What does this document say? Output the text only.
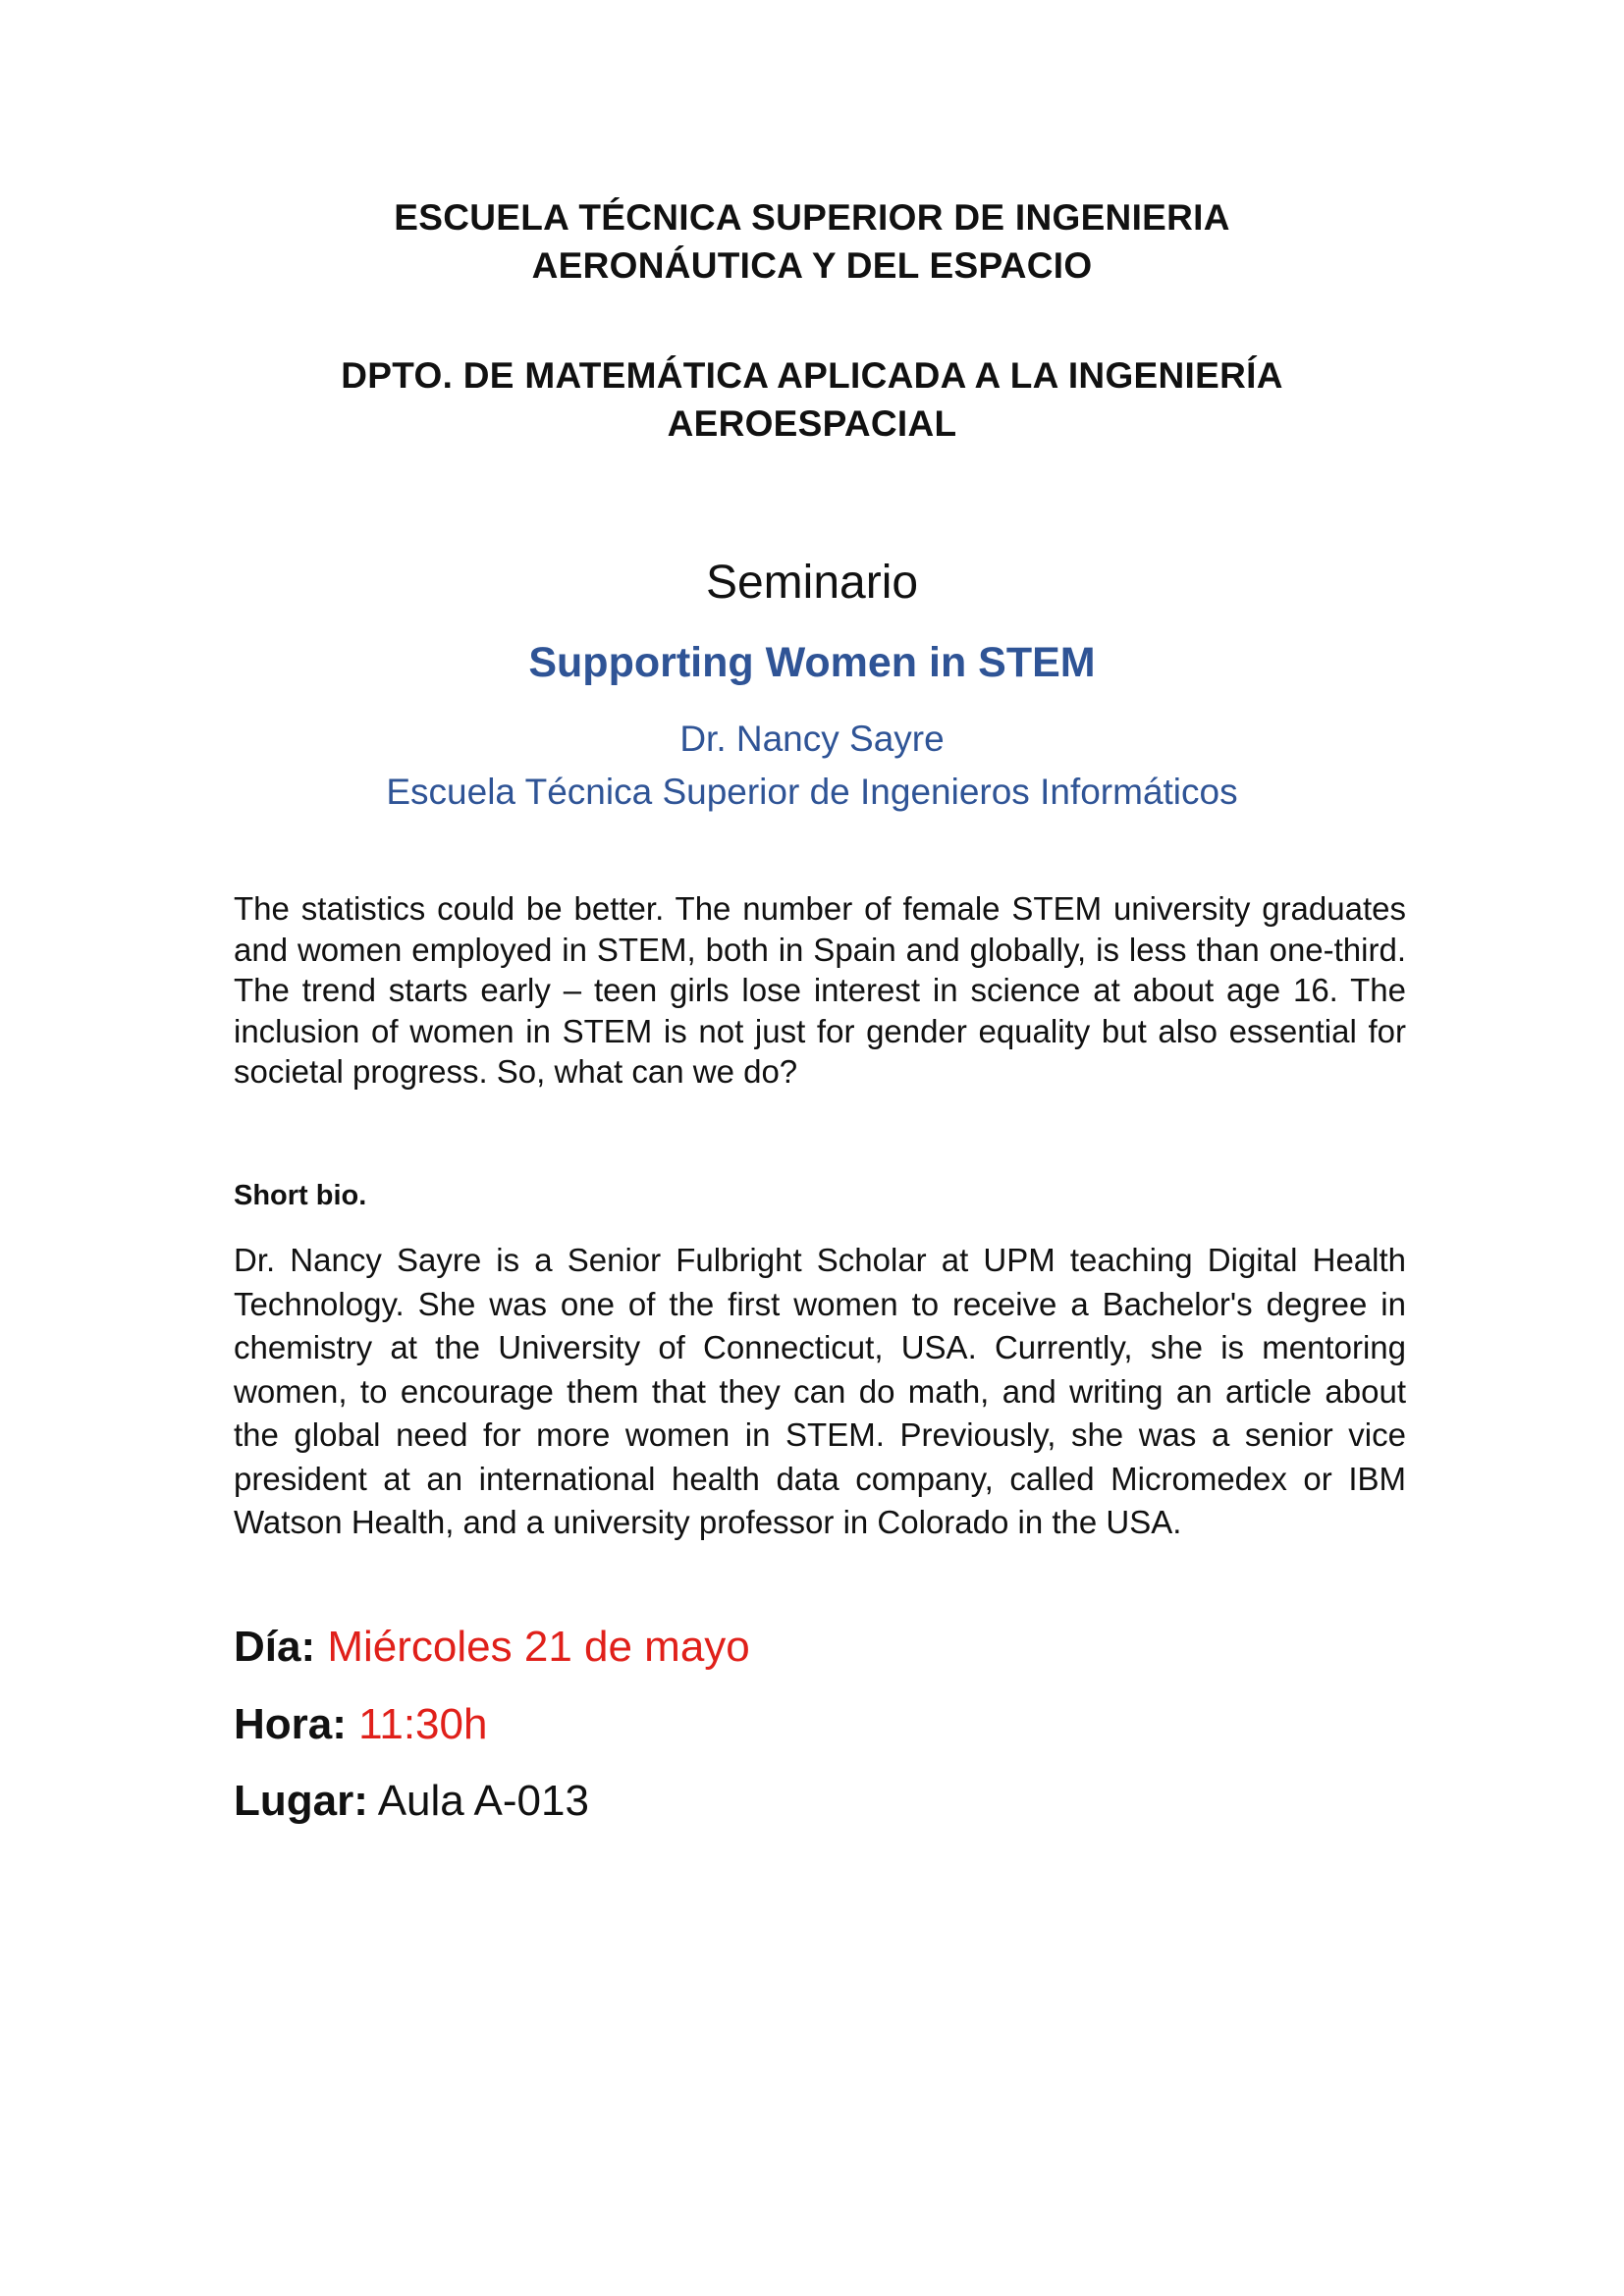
ESCUELA TÉCNICA SUPERIOR DE INGENIERIA
AERONÁUTICA Y DEL ESPACIO
DPTO. DE MATEMÁTICA APLICADA A LA INGENIERÍA
AEROESPACIAL
Seminario
Supporting Women in STEM
Dr. Nancy Sayre
Escuela Técnica Superior de Ingenieros Informáticos
The statistics could be better. The number of female STEM university graduates and women employed in STEM, both in Spain and globally, is less than one-third. The trend starts early – teen girls lose interest in science at about age 16. The inclusion of women in STEM is not just for gender equality but also essential for societal progress. So, what can we do?
Short bio.
Dr. Nancy Sayre is a Senior Fulbright Scholar at UPM teaching Digital Health Technology. She was one of the first women to receive a Bachelor's degree in chemistry at the University of Connecticut, USA. Currently, she is mentoring women, to encourage them that they can do math, and writing an article about the global need for more women in STEM. Previously, she was a senior vice president at an international health data company, called Micromedex or IBM Watson Health, and a university professor in Colorado in the USA.
Día: Miércoles 21 de mayo
Hora: 11:30h
Lugar: Aula A-013
